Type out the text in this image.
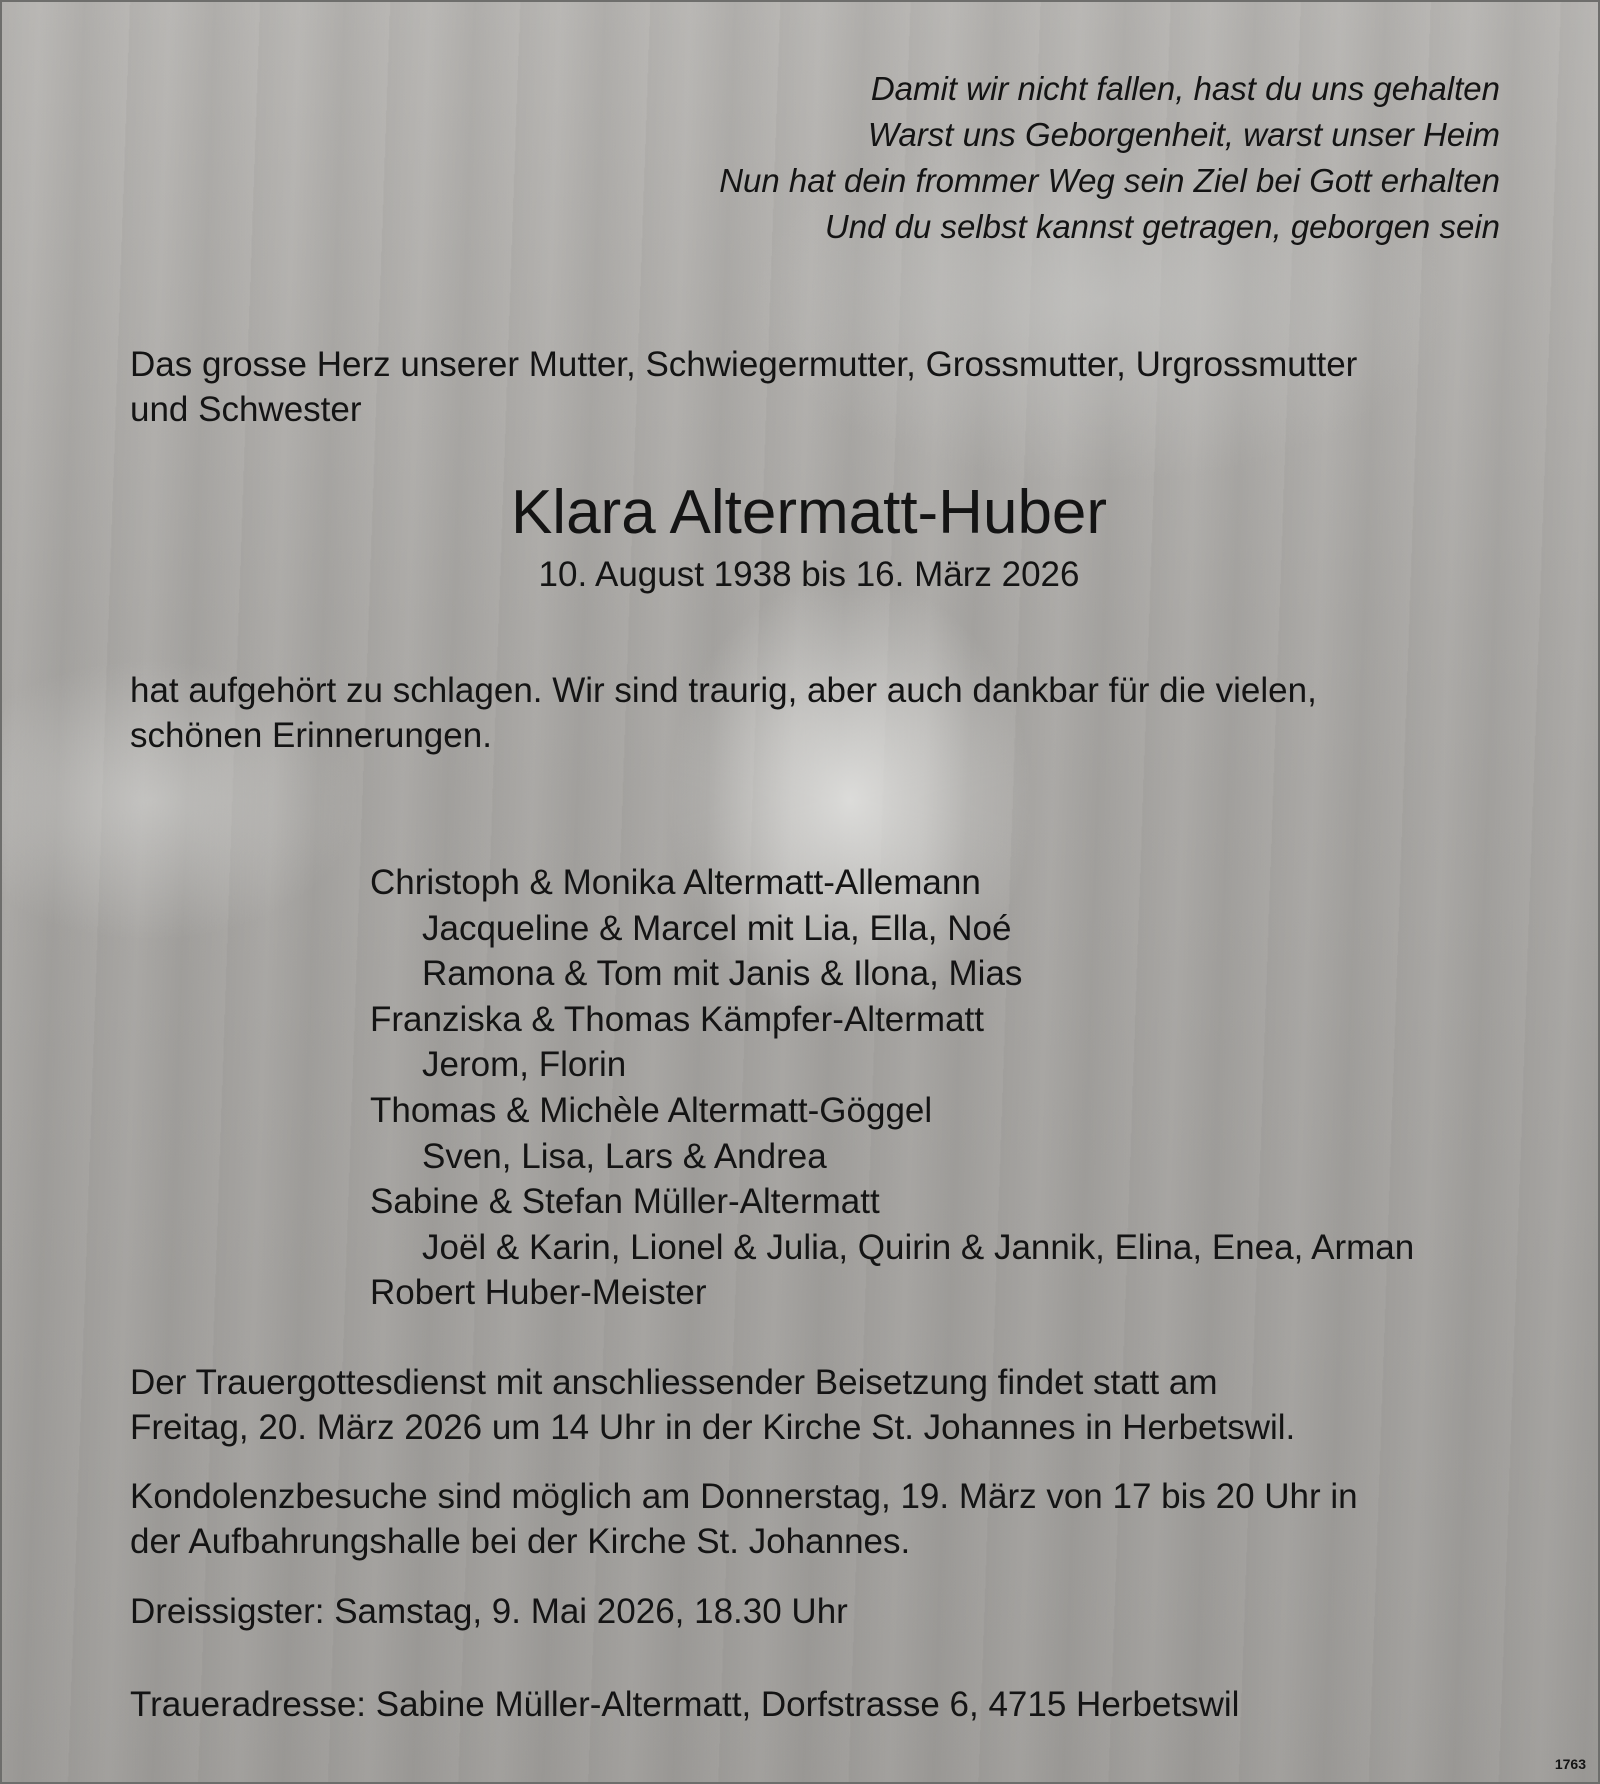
Damit wir nicht fallen, hast du uns gehalten
Warst uns Geborgenheit, warst unser Heim
Nun hat dein frommer Weg sein Ziel bei Gott erhalten
Und du selbst kannst getragen, geborgen sein
Das grosse Herz unserer Mutter, Schwiegermutter, Grossmutter, Urgrossmutter
und Schwester
Klara Altermatt-Huber
10. August 1938 bis 16. März 2026
hat aufgehört zu schlagen. Wir sind traurig, aber auch dankbar für die vielen,
schönen Erinnerungen.
Christoph & Monika Altermatt-Allemann
Jacqueline & Marcel mit Lia, Ella, Noé
Ramona & Tom mit Janis & Ilona, Mias
Franziska & Thomas Kämpfer-Altermatt
Jerom, Florin
Thomas & Michèle Altermatt-Göggel
Sven, Lisa, Lars & Andrea
Sabine & Stefan Müller-Altermatt
Joël & Karin, Lionel & Julia, Quirin & Jannik, Elina, Enea, Arman
Robert Huber-Meister
Der Trauergottesdienst mit anschliessender Beisetzung findet statt am
Freitag, 20. März 2026 um 14 Uhr in der Kirche St. Johannes in Herbetswil.
Kondolenzbesuche sind möglich am Donnerstag, 19. März von 17 bis 20 Uhr in
der Aufbahrungshalle bei der Kirche St. Johannes.
Dreissigster: Samstag, 9. Mai 2026, 18.30 Uhr
Traueradresse: Sabine Müller-Altermatt, Dorfstrasse 6, 4715 Herbetswil
1763
